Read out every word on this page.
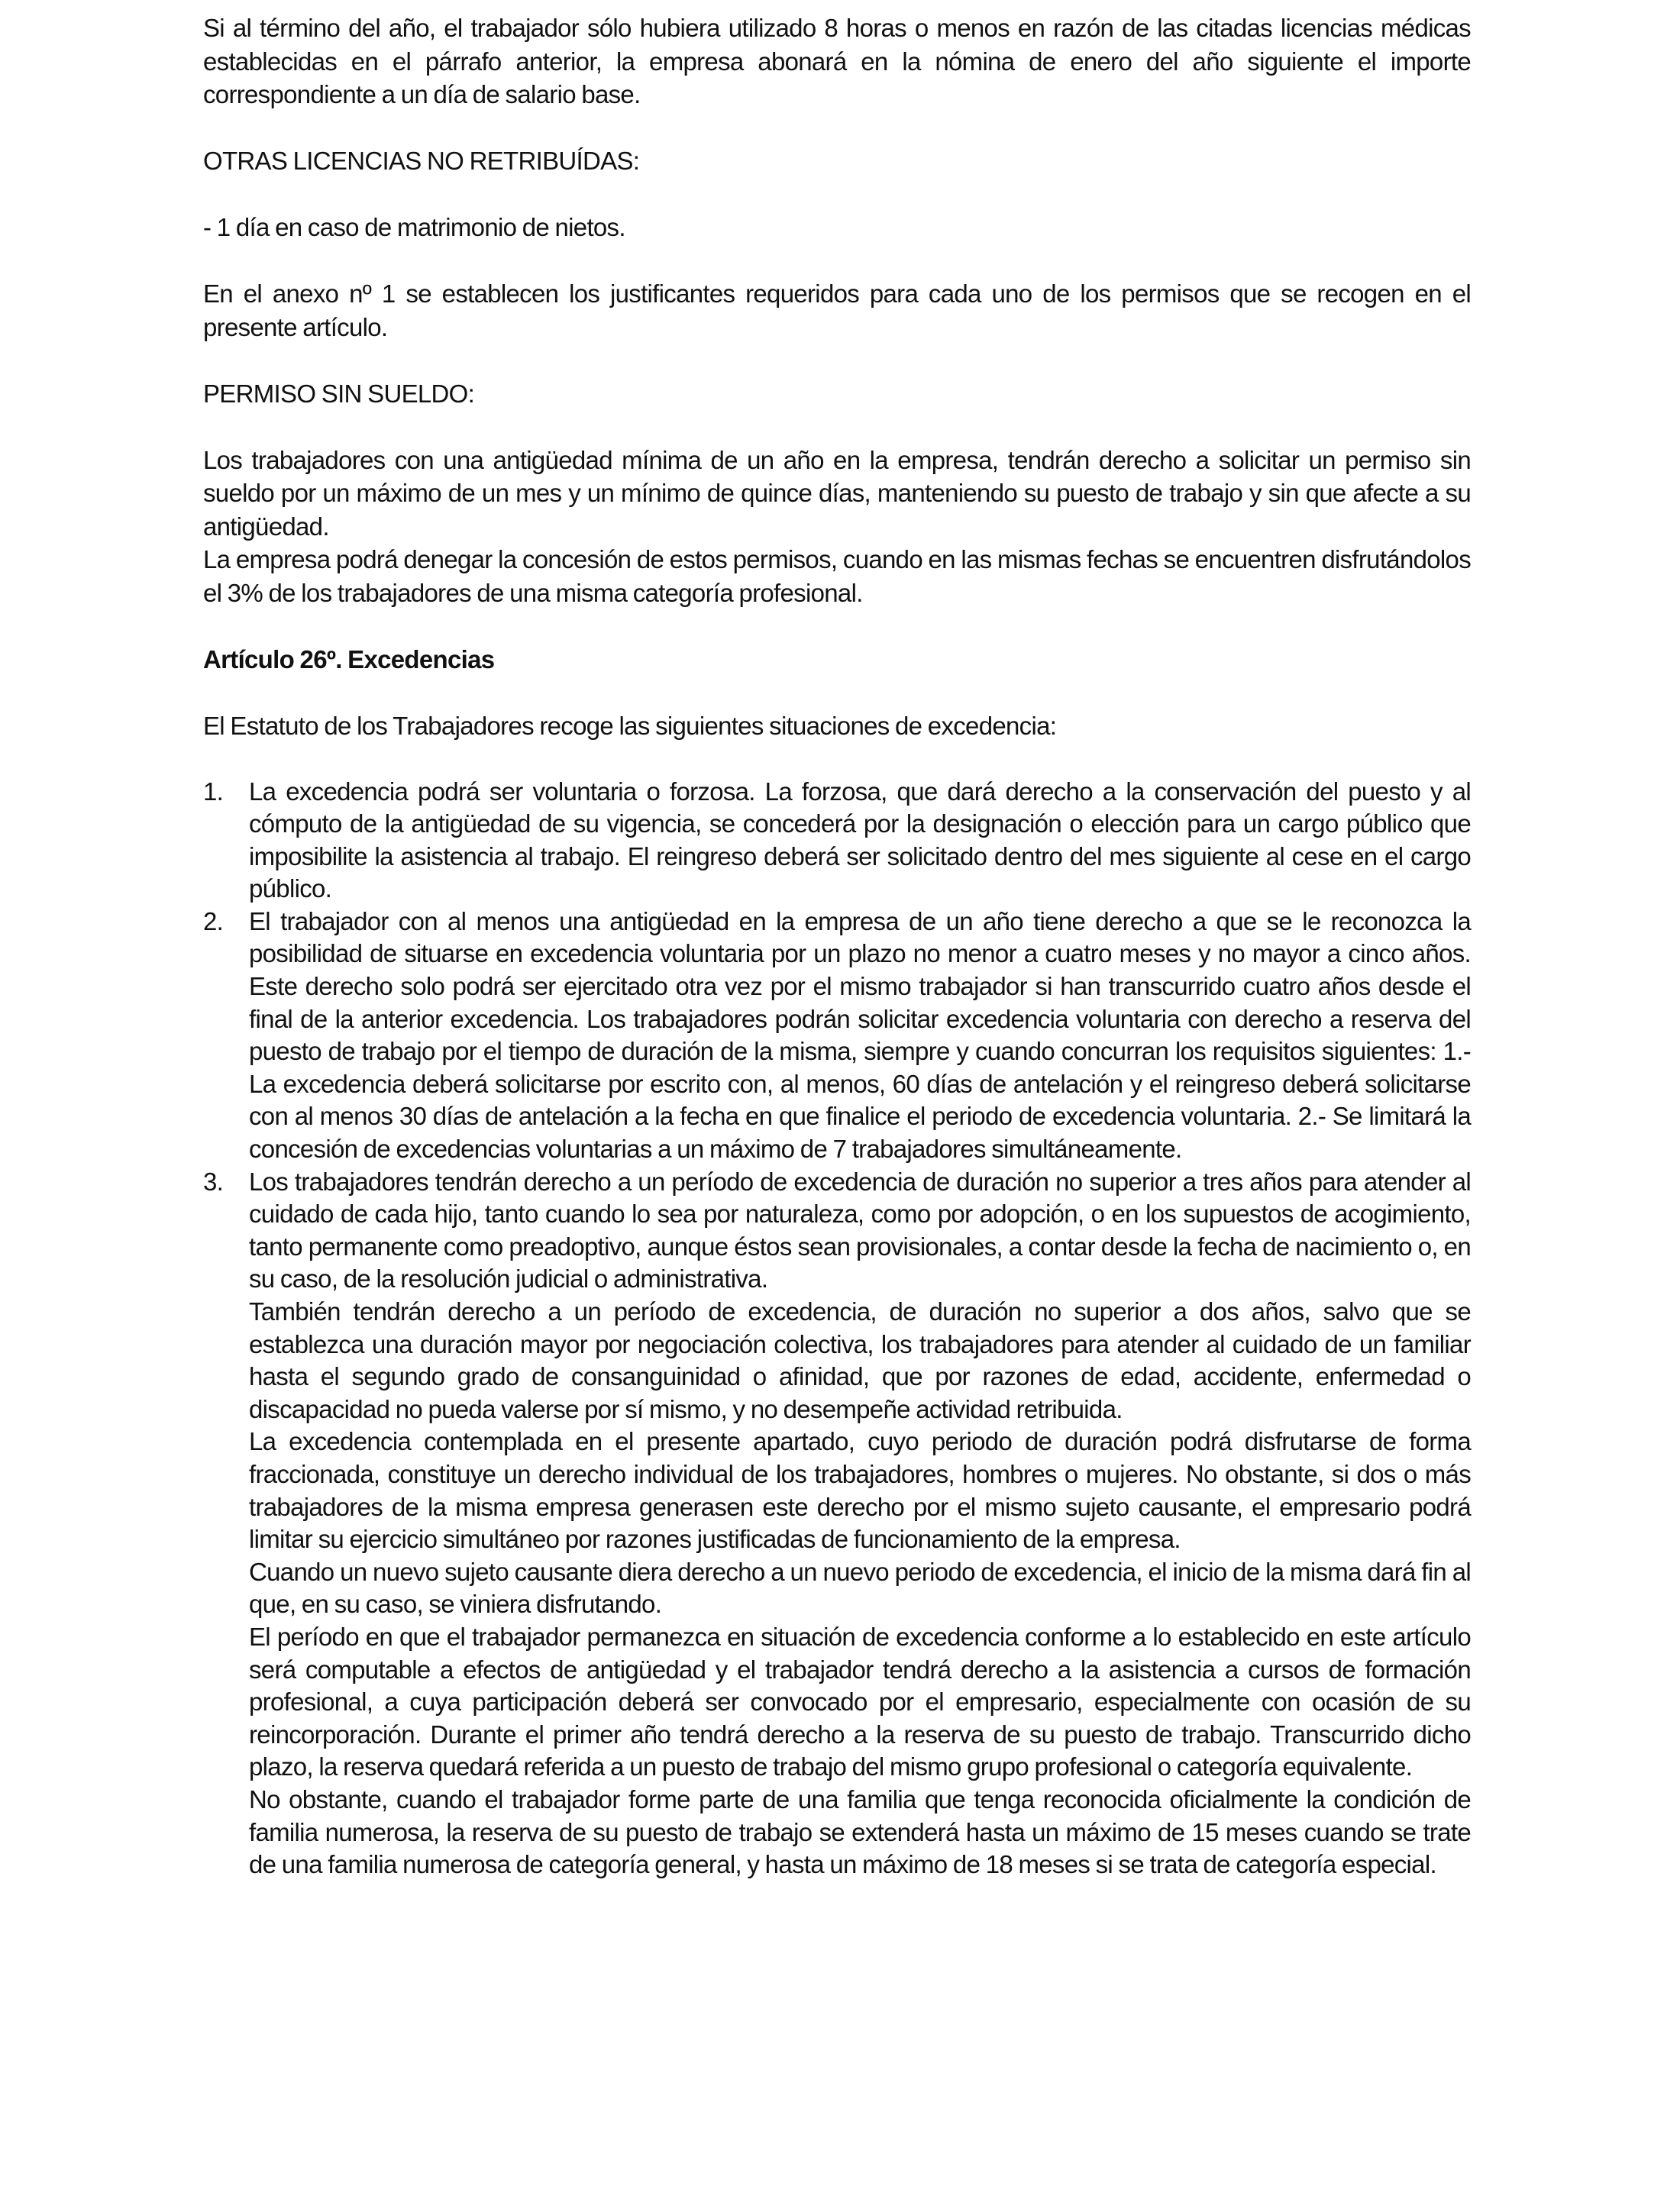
Si al término del año, el trabajador sólo hubiera utilizado 8 horas o menos en razón de las citadas licencias médicas establecidas en el párrafo anterior, la empresa abonará en la nómina de enero del año siguiente el importe correspondiente a un día de salario base.

OTRAS LICENCIAS NO RETRIBUÍDAS:

- 1 día en caso de matrimonio de nietos.

En el anexo nº 1 se establecen los justificantes requeridos para cada uno de los permisos que se recogen en el presente artículo.

PERMISO SIN SUELDO:

Los trabajadores con una antigüedad mínima de un año en la empresa, tendrán derecho a solicitar un permiso sin sueldo por un máximo de un mes y un mínimo de quince días, manteniendo su puesto de trabajo y sin que afecte a su antigüedad.

La empresa podrá denegar la concesión de estos permisos, cuando en las mismas fechas se encuentren disfrutándolos el 3% de los trabajadores de una misma categoría profesional.

Artículo 26º. Excedencias

El Estatuto de los Trabajadores recoge las siguientes situaciones de excedencia:

1. La excedencia podrá ser voluntaria o forzosa. La forzosa, que dará derecho a la conservación del puesto y al cómputo de la antigüedad de su vigencia, se concederá por la designación o elección para un cargo público que imposibilite la asistencia al trabajo. El reingreso deberá ser solicitado dentro del mes siguiente al cese en el cargo público.

2. El trabajador con al menos una antigüedad en la empresa de un año tiene derecho a que se le reconozca la posibilidad de situarse en excedencia voluntaria por un plazo no menor a cuatro meses y no mayor a cinco años. Este derecho solo podrá ser ejercitado otra vez por el mismo trabajador si han transcurrido cuatro años desde el final de la anterior excedencia. Los trabajadores podrán solicitar excedencia voluntaria con derecho a reserva del puesto de trabajo por el tiempo de duración de la misma, siempre y cuando concurran los requisitos siguientes: 1.- La excedencia deberá solicitarse por escrito con, al menos, 60 días de antelación y el reingreso deberá solicitarse con al menos 30 días de antelación a la fecha en que finalice el periodo de excedencia voluntaria. 2.- Se limitará la concesión de excedencias voluntarias a un máximo de 7 trabajadores simultáneamente.

3. Los trabajadores tendrán derecho a un período de excedencia de duración no superior a tres años para atender al cuidado de cada hijo, tanto cuando lo sea por naturaleza, como por adopción, o en los supuestos de acogimiento, tanto permanente como preadoptivo, aunque éstos sean provisionales, a contar desde la fecha de nacimiento o, en su caso, de la resolución judicial o administrativa.

También tendrán derecho a un período de excedencia, de duración no superior a dos años, salvo que se establezca una duración mayor por negociación colectiva, los trabajadores para atender al cuidado de un familiar hasta el segundo grado de consanguinidad o afinidad, que por razones de edad, accidente, enfermedad o discapacidad no pueda valerse por sí mismo, y no desempeñe actividad retribuida.

La excedencia contemplada en el presente apartado, cuyo periodo de duración podrá disfrutarse de forma fraccionada, constituye un derecho individual de los trabajadores, hombres o mujeres. No obstante, si dos o más trabajadores de la misma empresa generasen este derecho por el mismo sujeto causante, el empresario podrá limitar su ejercicio simultáneo por razones justificadas de funcionamiento de la empresa.

Cuando un nuevo sujeto causante diera derecho a un nuevo periodo de excedencia, el inicio de la misma dará fin al que, en su caso, se viniera disfrutando.

El período en que el trabajador permanezca en situación de excedencia conforme a lo establecido en este artículo será computable a efectos de antigüedad y el trabajador tendrá derecho a la asistencia a cursos de formación profesional, a cuya participación deberá ser convocado por el empresario, especialmente con ocasión de su reincorporación. Durante el primer año tendrá derecho a la reserva de su puesto de trabajo. Transcurrido dicho plazo, la reserva quedará referida a un puesto de trabajo del mismo grupo profesional o categoría equivalente.

No obstante, cuando el trabajador forme parte de una familia que tenga reconocida oficialmente la condición de familia numerosa, la reserva de su puesto de trabajo se extenderá hasta un máximo de 15 meses cuando se trate de una familia numerosa de categoría general, y hasta un máximo de 18 meses si se trata de categoría especial.
